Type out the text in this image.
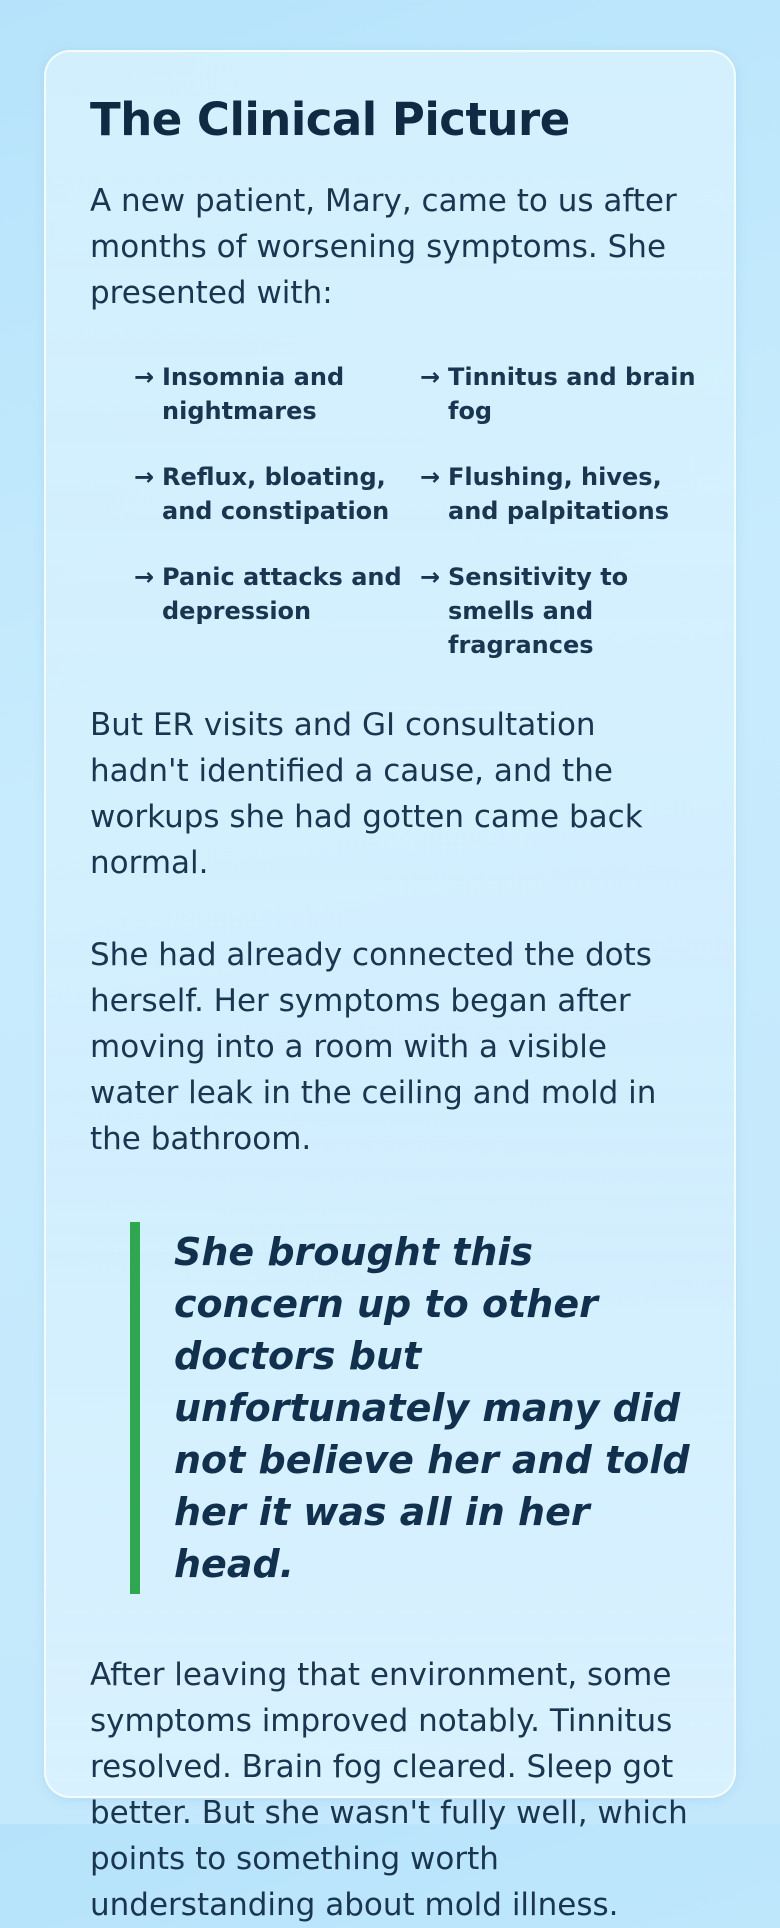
The Clinical Picture

A new patient, Mary, came to us after months of worsening symptoms. She presented with:

→ Insomnia and nightmares
→ Tinnitus and brain fog
→ Reflux, bloating, and constipation
→ Flushing, hives, and palpitations
→ Panic attacks and depression
→ Sensitivity to smells and fragrances

But ER visits and GI consultation hadn't identified a cause, and the workups she had gotten came back normal.

She had already connected the dots herself. Her symptoms began after moving into a room with a visible water leak in the ceiling and mold in the bathroom.

She brought this concern up to other doctors but unfortunately many did not believe her and told her it was all in her head.

After leaving that environment, some symptoms improved notably. Tinnitus resolved. Brain fog cleared. Sleep got better. But she wasn't fully well, which points to something worth understanding about mold illness.
